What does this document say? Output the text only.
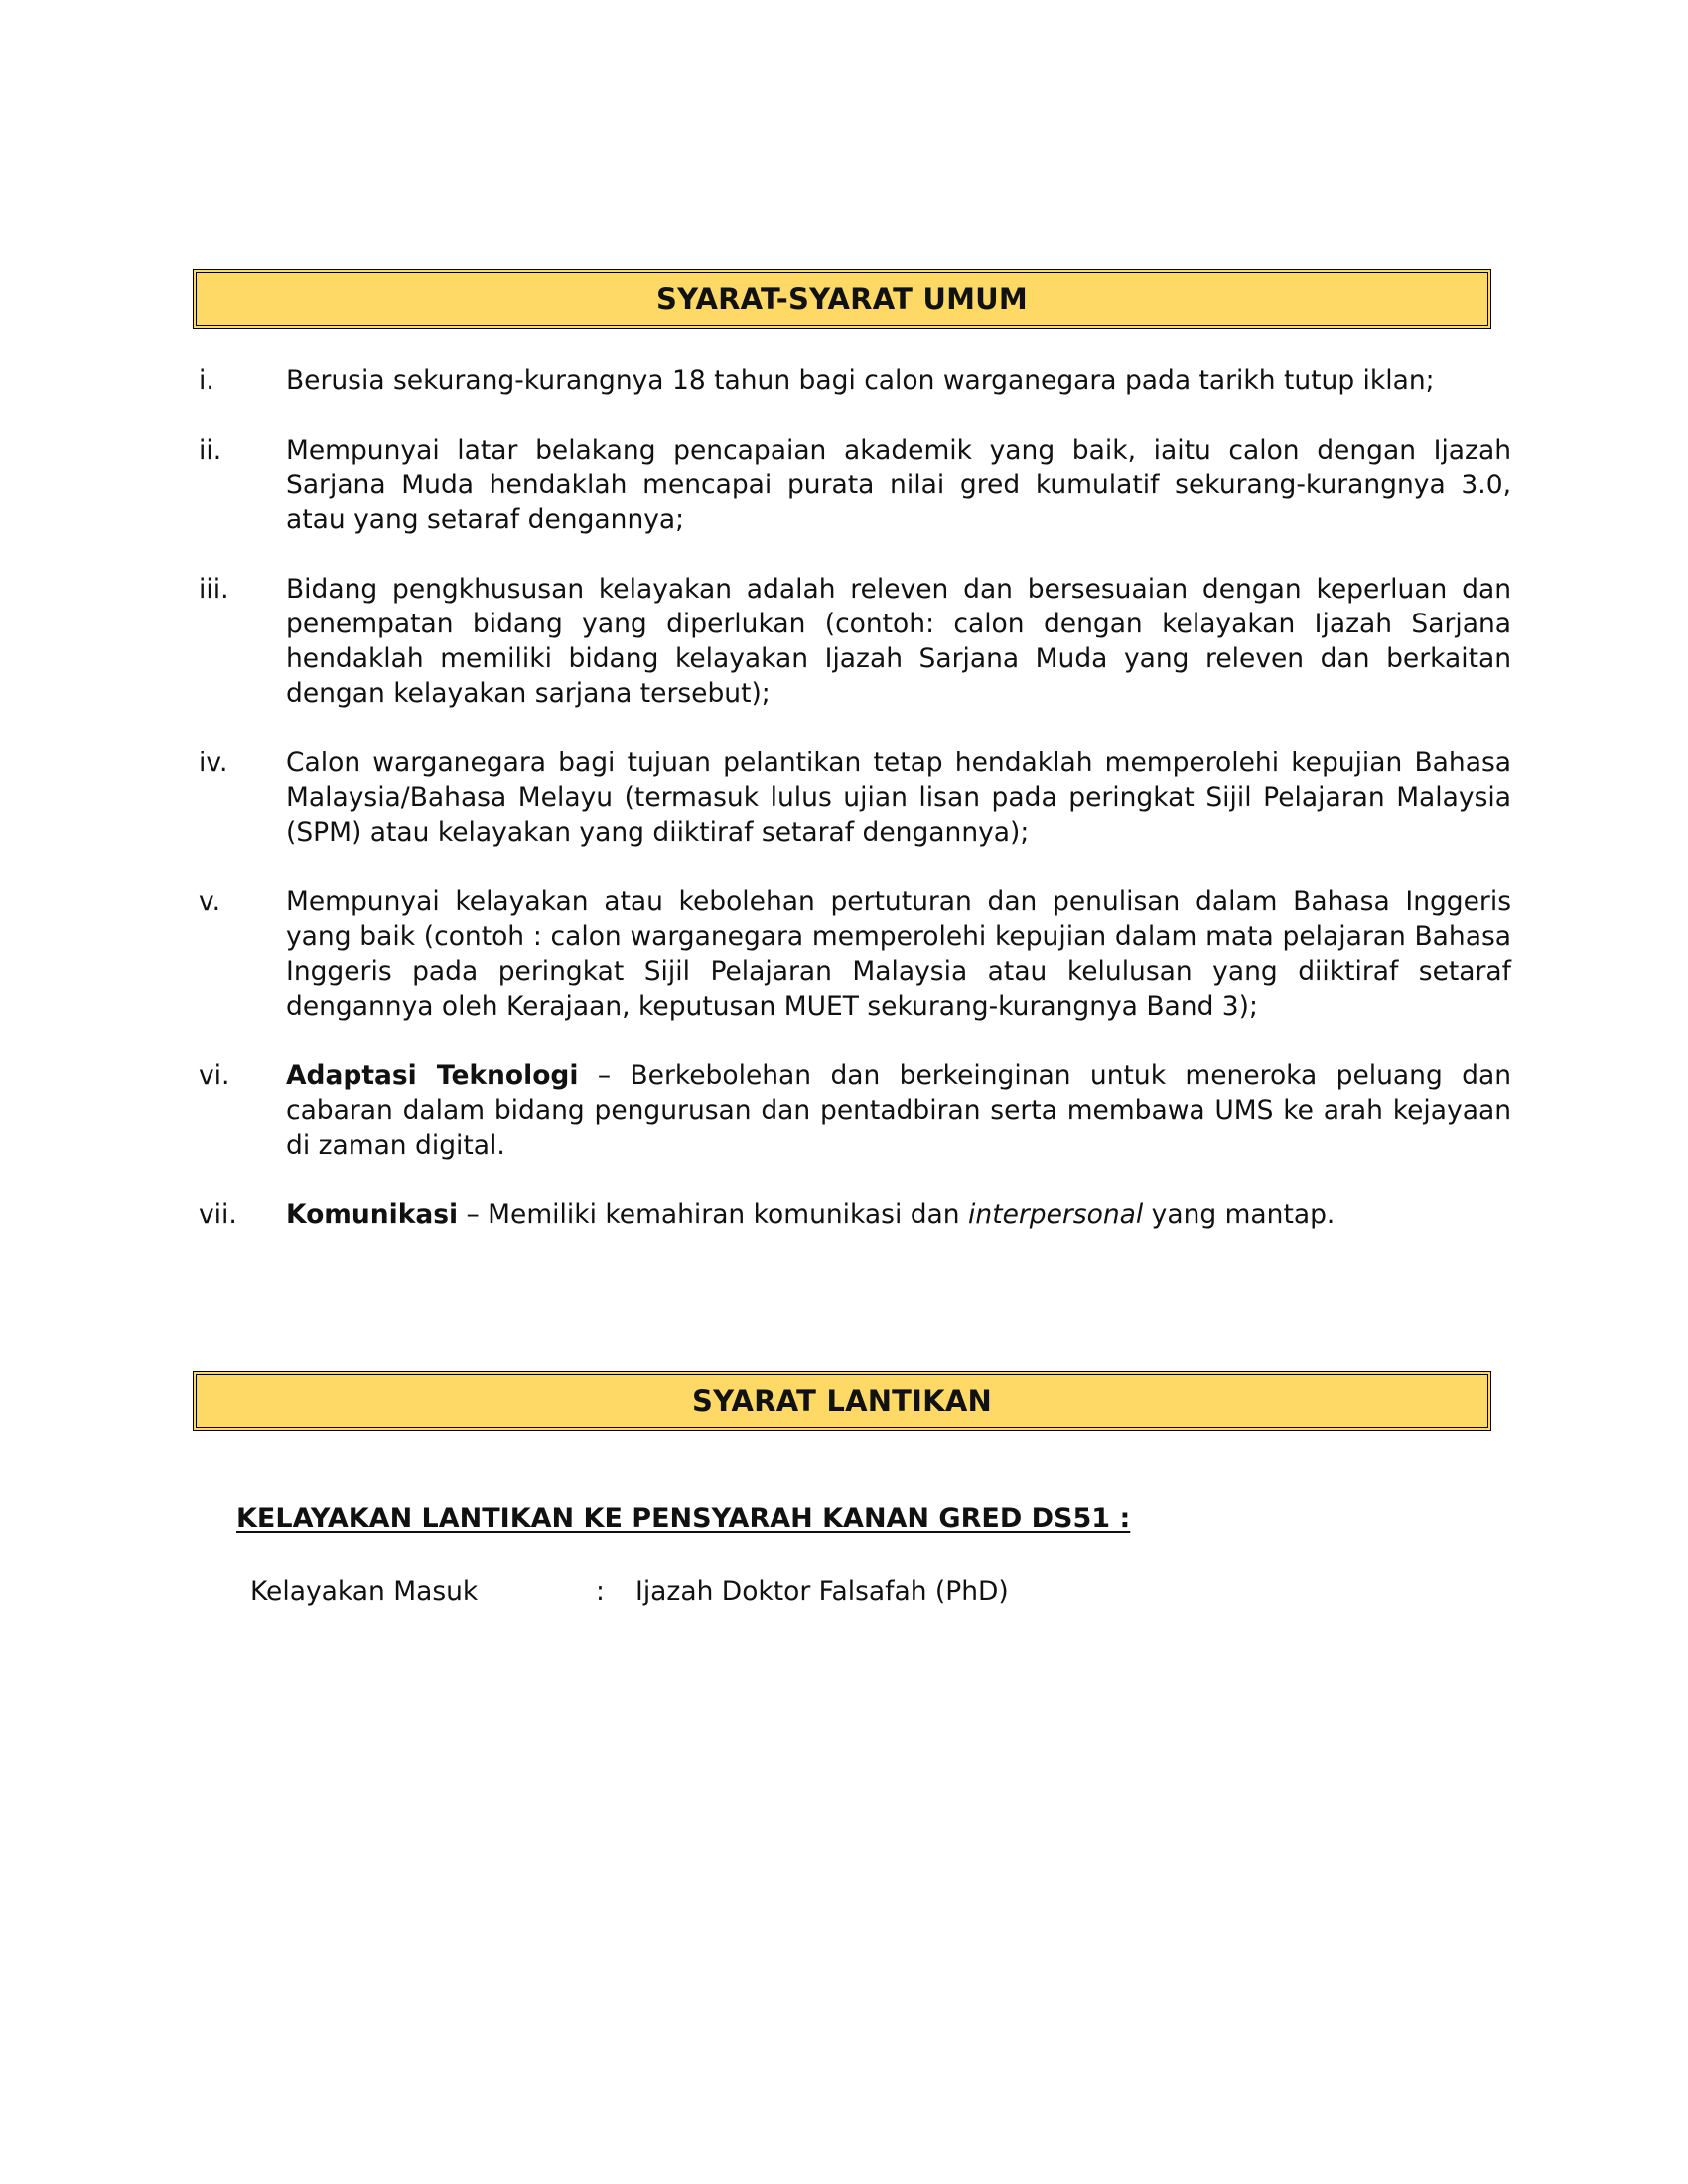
SYARAT-SYARAT UMUM
i.	Berusia sekurang-kurangnya 18 tahun bagi calon warganegara pada tarikh tutup iklan;
ii.	Mempunyai latar belakang pencapaian akademik yang baik, iaitu calon dengan Ijazah Sarjana Muda hendaklah mencapai purata nilai gred kumulatif sekurang-kurangnya 3.0, atau yang setaraf dengannya;
iii.	Bidang pengkhususan kelayakan adalah releven dan bersesuaian dengan keperluan dan penempatan bidang yang diperlukan (contoh: calon dengan kelayakan Ijazah Sarjana hendaklah memiliki bidang kelayakan Ijazah Sarjana Muda yang releven dan berkaitan dengan kelayakan sarjana tersebut);
iv.	Calon warganegara bagi tujuan pelantikan tetap hendaklah memperolehi kepujian Bahasa Malaysia/Bahasa Melayu (termasuk lulus ujian lisan pada peringkat Sijil Pelajaran Malaysia (SPM) atau kelayakan yang diiktiraf setaraf dengannya);
v.	Mempunyai kelayakan atau kebolehan pertuturan dan penulisan dalam Bahasa Inggeris yang baik (contoh : calon warganegara memperolehi kepujian dalam mata pelajaran Bahasa Inggeris pada peringkat Sijil Pelajaran Malaysia atau kelulusan yang diiktiraf setaraf dengannya oleh Kerajaan, keputusan MUET sekurang-kurangnya Band 3);
vi.	Adaptasi Teknologi – Berkebolehan dan berkeinginan untuk meneroka peluang dan cabaran dalam bidang pengurusan dan pentadbiran serta membawa UMS ke arah kejayaan di zaman digital.
vii.	Komunikasi – Memiliki kemahiran komunikasi dan interpersonal yang mantap.
SYARAT LANTIKAN
KELAYAKAN LANTIKAN KE PENSYARAH KANAN GRED DS51 :
Kelayakan Masuk	:	Ijazah Doktor Falsafah (PhD)
